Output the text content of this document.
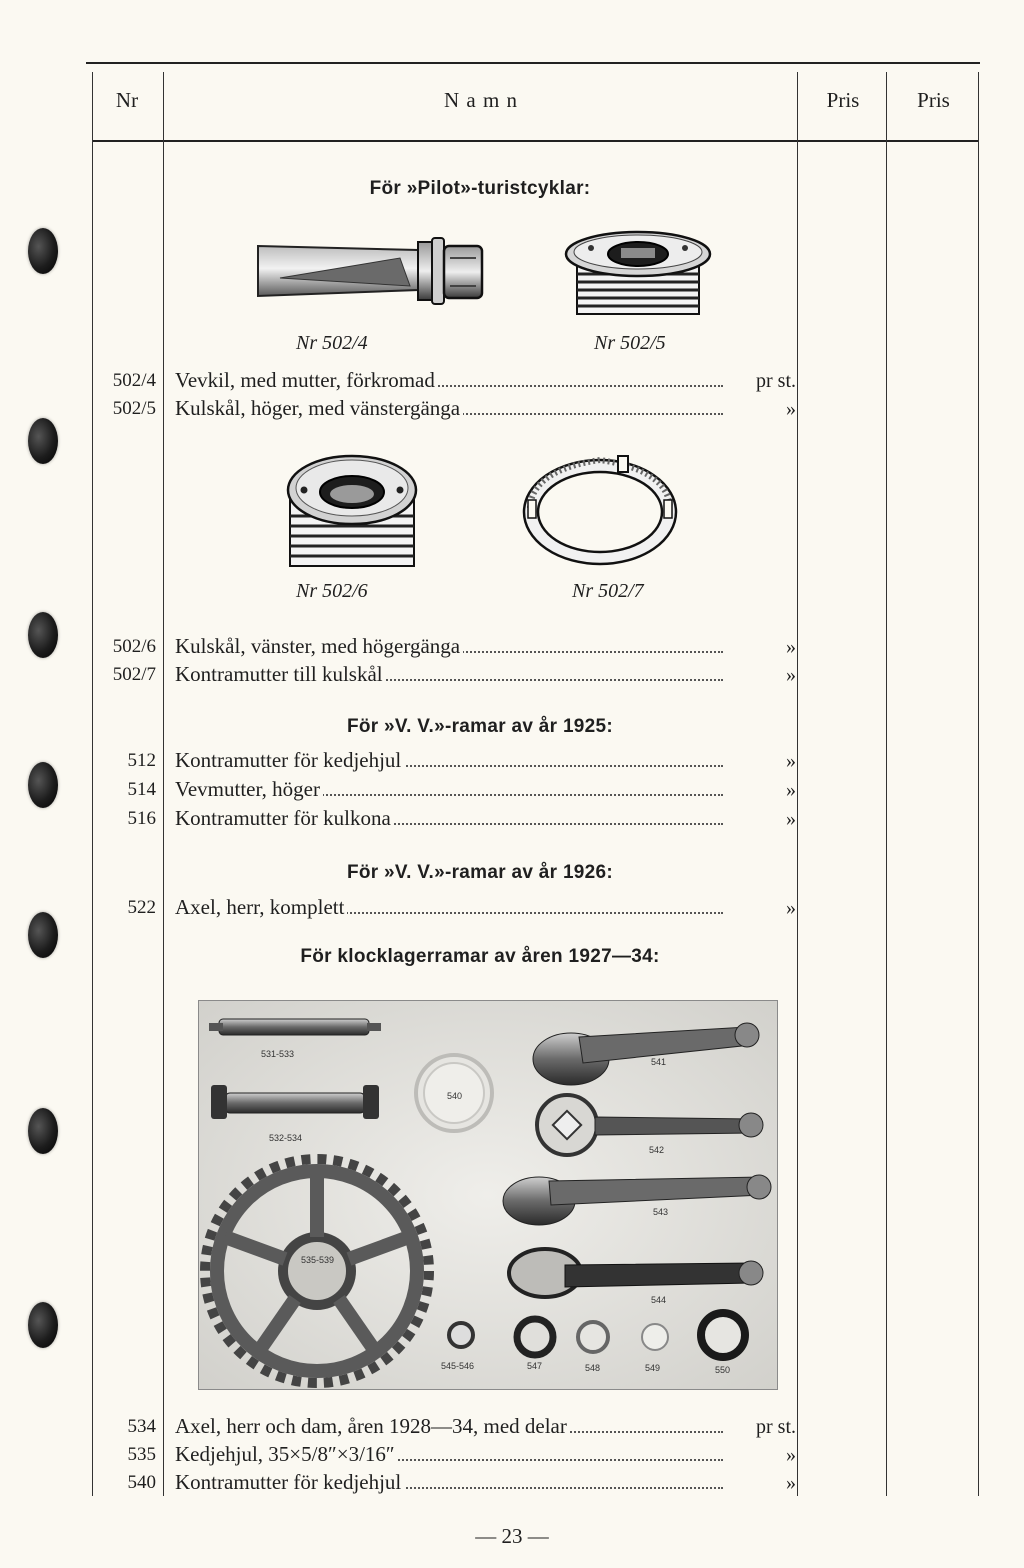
Nr	N a m n	Pris	Pris
För »Pilot»-turistcyklar:
Nr 502/4	Nr 502/5
502/4 Vevkil, med mutter, förkromad	pr st.
502/5 Kulskål, höger, med vänstergänga	»
Nr 502/6	Nr 502/7
502/6 Kulskål, vänster, med högergänga	»
502/7 Kontramutter till kulskål	»
För »V. V.»-ramar av år 1925:
512 Kontramutter för kedjehjul	»
514 Vevmutter, höger	»
516 Kontramutter för kulkona	»
För »V. V.»-ramar av år 1926:
522 Axel, herr, komplett	»
För klocklagerramar av åren 1927—34:
531-533
532-534
540
541
542
543
544
535-539
545-546	547	548	549	550
534 Axel, herr och dam, åren 1928—34, med delar	pr st.
535 Kedjehjul, 35×5/8″×3/16″	»
540 Kontramutter för kedjehjul	»
— 23 —
